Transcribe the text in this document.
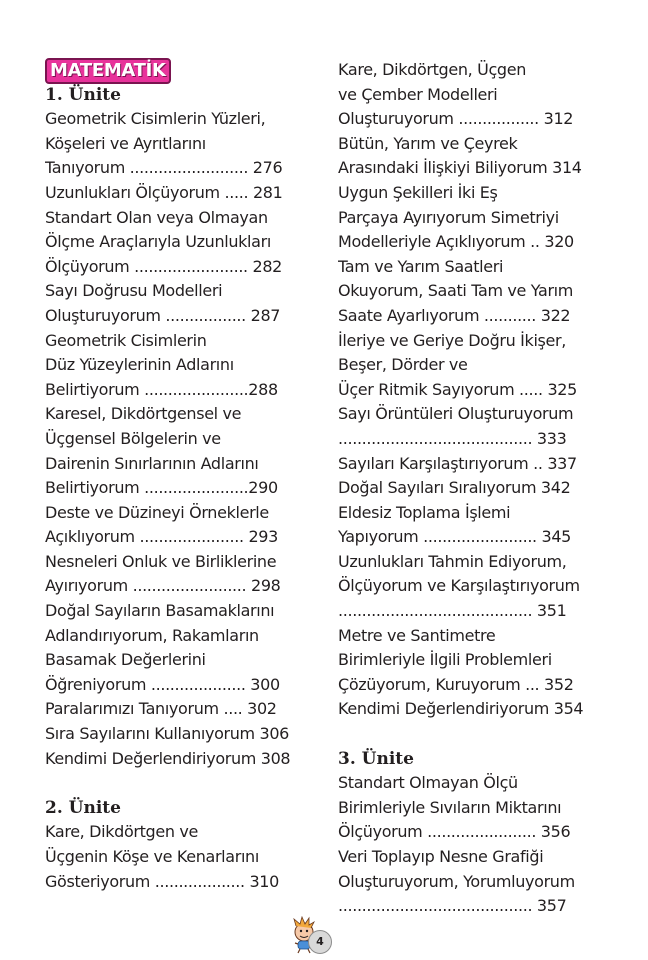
MATEMATİK
1. Ünite
Geometrik Cisimlerin Yüzleri,
Köşeleri ve Ayrıtlarını
Tanıyorum ......................... 276
Uzunlukları Ölçüyorum ..... 281
Standart Olan veya Olmayan
Ölçme Araçlarıyla Uzunlukları
Ölçüyorum ........................ 282
Sayı Doğrusu Modelleri
Oluşturuyorum ................. 287
Geometrik Cisimlerin
Düz Yüzeylerinin Adlarını
Belirtiyorum ......................288
Karesel, Dikdörtgensel ve
Üçgensel Bölgelerin ve
Dairenin Sınırlarının Adlarını
Belirtiyorum ......................290
Deste ve Düzineyi Örneklerle
Açıklıyorum ...................... 293
Nesneleri Onluk ve Birliklerine
Ayırıyorum ........................ 298
Doğal Sayıların Basamaklarını
Adlandırıyorum, Rakamların
Basamak Değerlerini
Öğreniyorum .................... 300
Paralarımızı Tanıyorum .... 302
Sıra Sayılarını Kullanıyorum 306
Kendimi Değerlendiriyorum 308
2. Ünite
Kare, Dikdörtgen ve
Üçgenin Köşe ve Kenarlarını
Gösteriyorum ................... 310
Kare, Dikdörtgen, Üçgen
ve Çember Modelleri
Oluşturuyorum ................. 312
Bütün, Yarım ve Çeyrek
Arasındaki İlişkiyi Biliyorum 314
Uygun Şekilleri İki Eş
Parçaya Ayırıyorum Simetriyi
Modelleriyle Açıklıyorum .. 320
Tam ve Yarım Saatleri
Okuyorum, Saati Tam ve Yarım
Saate Ayarlıyorum ........... 322
İleriye ve Geriye Doğru İkişer,
Beşer, Dörder ve
Üçer Ritmik Sayıyorum ..... 325
Sayı Örüntüleri Oluşturuyorum
......................................... 333
Sayıları Karşılaştırıyorum .. 337
Doğal Sayıları Sıralıyorum 342
Eldesiz Toplama İşlemi
Yapıyorum ........................ 345
Uzunlukları Tahmin Ediyorum,
Ölçüyorum ve Karşılaştırıyorum
......................................... 351
Metre ve Santimetre
Birimleriyle İlgili Problemleri
Çözüyorum, Kuruyorum ... 352
Kendimi Değerlendiriyorum 354
3. Ünite
Standart Olmayan Ölçü
Birimleriyle Sıvıların Miktarını
Ölçüyorum ....................... 356
Veri Toplayıp Nesne Grafiği
Oluşturuyorum, Yorumluyorum
......................................... 357
4
